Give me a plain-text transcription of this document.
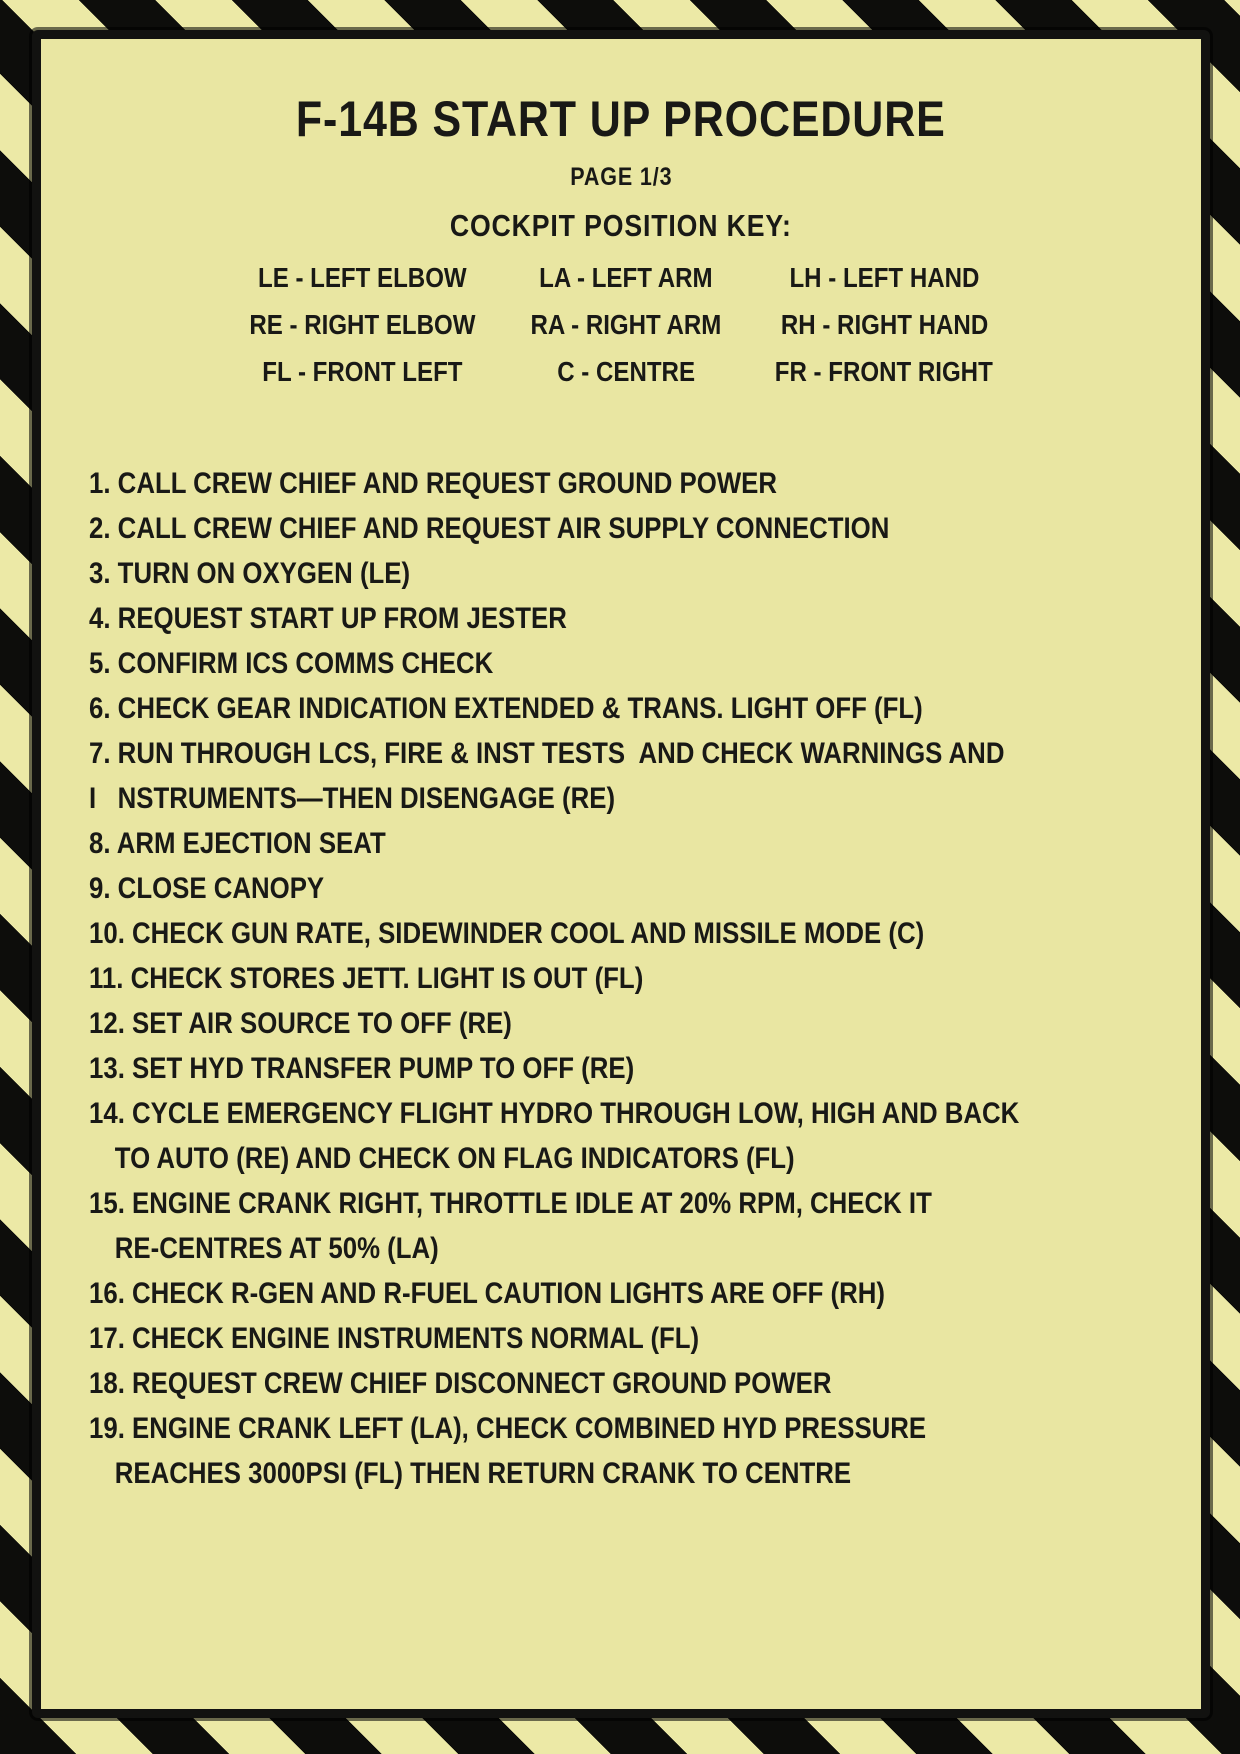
F-14B START UP PROCEDURE
PAGE 1/3
COCKPIT POSITION KEY:
LE - LEFT ELBOW	LA - LEFT ARM	LH - LEFT HAND
RE - RIGHT ELBOW	RA - RIGHT ARM	RH - RIGHT HAND
FL - FRONT LEFT	C - CENTRE	FR - FRONT RIGHT
1. CALL CREW CHIEF AND REQUEST GROUND POWER
2. CALL CREW CHIEF AND REQUEST AIR SUPPLY CONNECTION
3. TURN ON OXYGEN (LE)
4. REQUEST START UP FROM JESTER
5. CONFIRM ICS COMMS CHECK
6. CHECK GEAR INDICATION EXTENDED & TRANS. LIGHT OFF (FL)
7. RUN THROUGH LCS, FIRE & INST TESTS  AND CHECK WARNINGS AND
I   NSTRUMENTS—THEN DISENGAGE (RE)
8. ARM EJECTION SEAT
9. CLOSE CANOPY
10. CHECK GUN RATE, SIDEWINDER COOL AND MISSILE MODE (C)
11. CHECK STORES JETT. LIGHT IS OUT (FL)
12. SET AIR SOURCE TO OFF (RE)
13. SET HYD TRANSFER PUMP TO OFF (RE)
14. CYCLE EMERGENCY FLIGHT HYDRO THROUGH LOW, HIGH AND BACK
TO AUTO (RE) AND CHECK ON FLAG INDICATORS (FL)
15. ENGINE CRANK RIGHT, THROTTLE IDLE AT 20% RPM, CHECK IT
RE-CENTRES AT 50% (LA)
16. CHECK R-GEN AND R-FUEL CAUTION LIGHTS ARE OFF (RH)
17. CHECK ENGINE INSTRUMENTS NORMAL (FL)
18. REQUEST CREW CHIEF DISCONNECT GROUND POWER
19. ENGINE CRANK LEFT (LA), CHECK COMBINED HYD PRESSURE
REACHES 3000PSI (FL) THEN RETURN CRANK TO CENTRE
